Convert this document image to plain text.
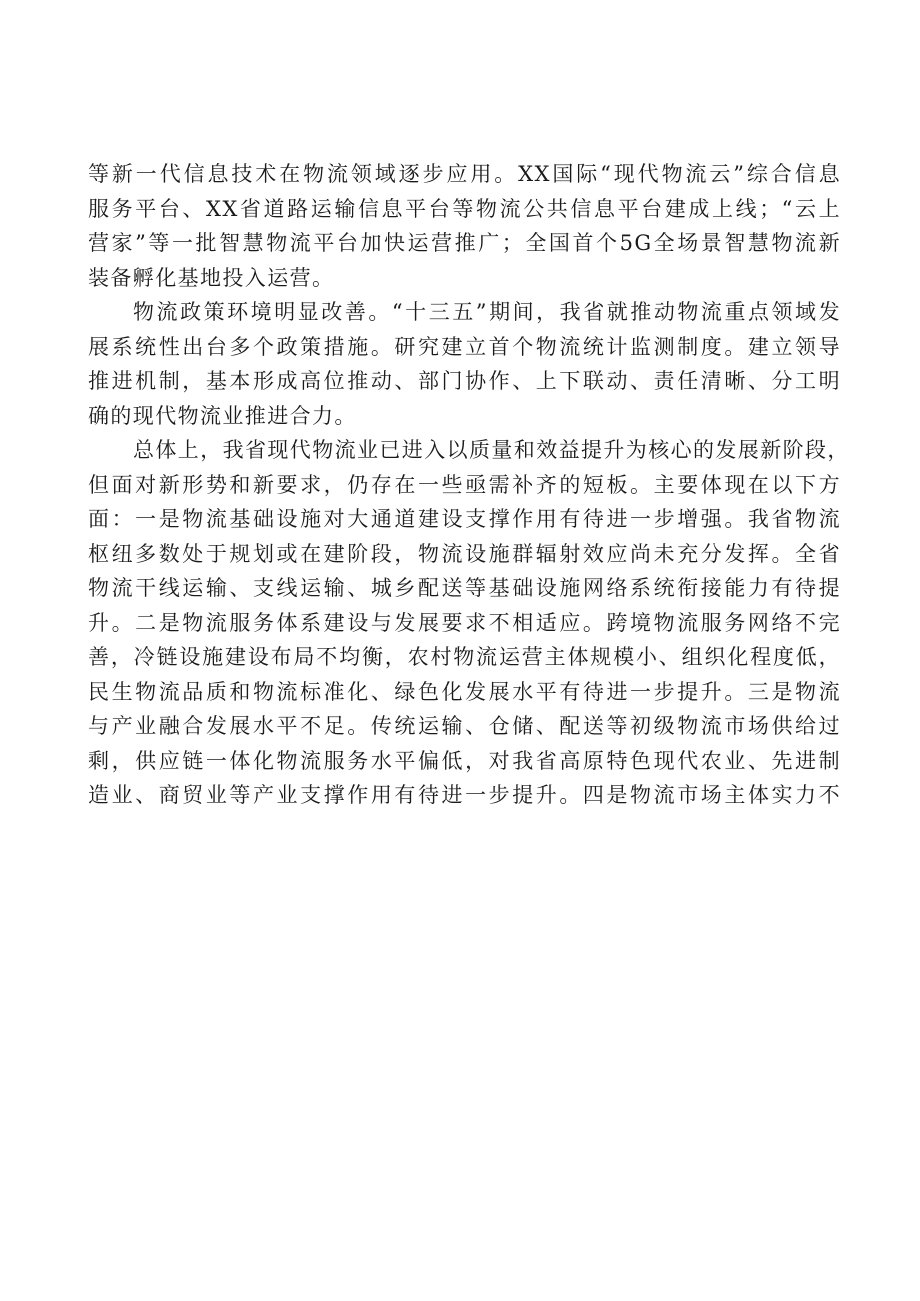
等新一代信息技术在物流领域逐步应用。XX国际“现代物流云”综合信息
服务平台、XX省道路运输信息平台等物流公共信息平台建成上线；“云上
营家”等一批智慧物流平台加快运营推广；全国首个5G全场景智慧物流新
装备孵化基地投入运营。

物流政策环境明显改善。“十三五”期间，我省就推动物流重点领域发
展系统性出台多个政策措施。研究建立首个物流统计监测制度。建立领导
推进机制，基本形成高位推动、部门协作、上下联动、责任清晰、分工明
确的现代物流业推进合力。

总体上，我省现代物流业已进入以质量和效益提升为核心的发展新阶段，
但面对新形势和新要求，仍存在一些亟需补齐的短板。主要体现在以下方
面：一是物流基础设施对大通道建设支撑作用有待进一步增强。我省物流
枢纽多数处于规划或在建阶段，物流设施群辐射效应尚未充分发挥。全省
物流干线运输、支线运输、城乡配送等基础设施网络系统衔接能力有待提
升。二是物流服务体系建设与发展要求不相适应。跨境物流服务网络不完
善，冷链设施建设布局不均衡，农村物流运营主体规模小、组织化程度低，
民生物流品质和物流标准化、绿色化发展水平有待进一步提升。三是物流
与产业融合发展水平不足。传统运输、仓储、配送等初级物流市场供给过
剩，供应链一体化物流服务水平偏低，对我省高原特色现代农业、先进制
造业、商贸业等产业支撑作用有待进一步提升。四是物流市场主体实力不
